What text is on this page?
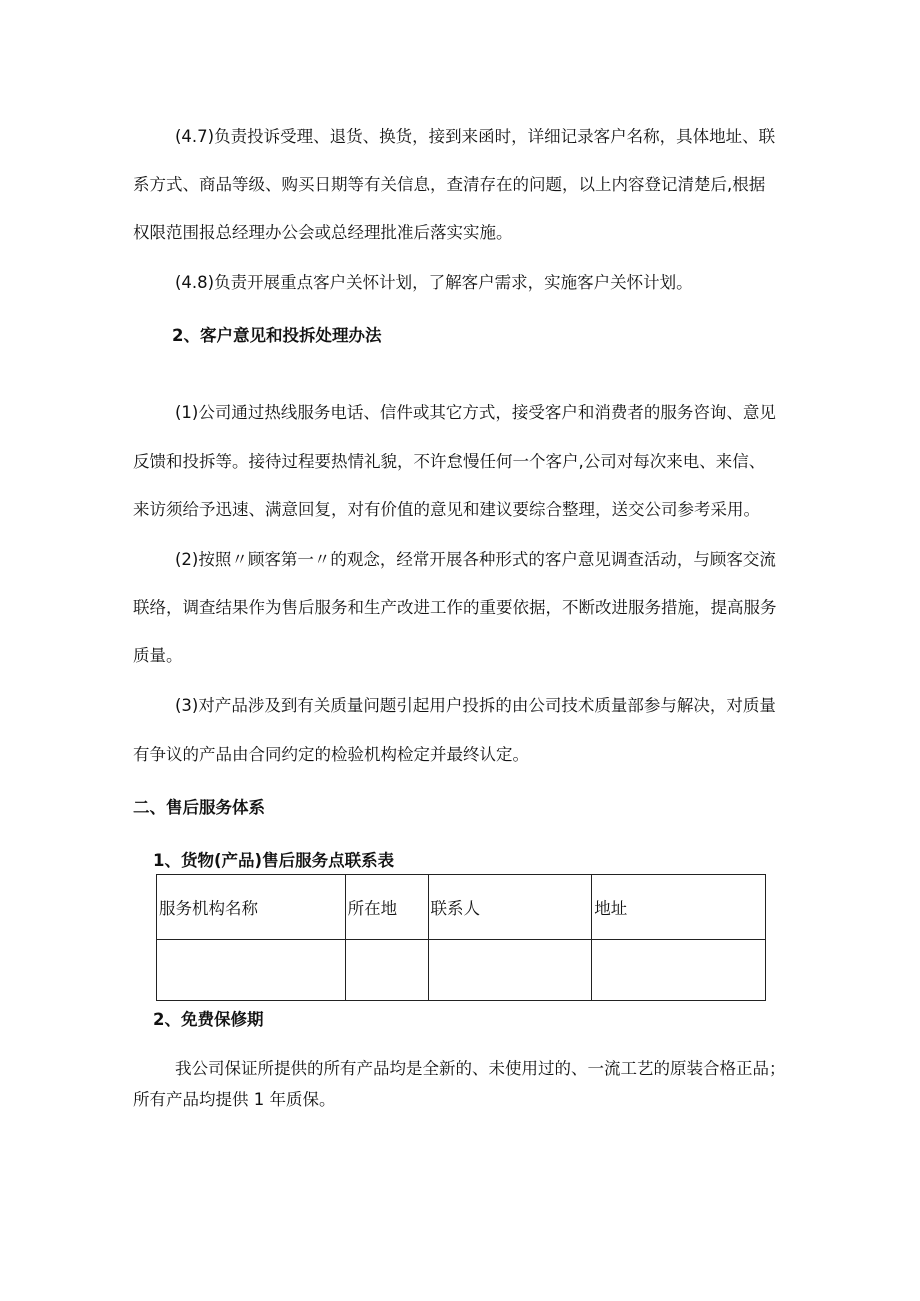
(4.7)负责投诉受理、退货、换货，接到来函时，详细记录客户名称，具体地址、联
系方式、商品等级、购买日期等有关信息，查清存在的问题，以上内容登记清楚后,根据
权限范围报总经理办公会或总经理批准后落实实施。
(4.8)负责开展重点客户关怀计划，了解客户需求，实施客户关怀计划。
2、客户意见和投拆处理办法
(1)公司通过热线服务电话、信件或其它方式，接受客户和消费者的服务咨询、意见
反馈和投拆等。接待过程要热情礼貌，不许怠慢任何一个客户,公司对每次来电、来信、
来访须给予迅速、满意回复，对有价值的意见和建议要综合整理，送交公司参考采用。
(2)按照〃顾客第一〃的观念，经常开展各种形式的客户意见调查活动，与顾客交流
联络，调查结果作为售后服务和生产改进工作的重要依据，不断改进服务措施，提高服务
质量。
(3)对产品涉及到有关质量问题引起用户投拆的由公司技术质量部参与解决，对质量
有争议的产品由合同约定的检验机构检定并最终认定。
二、售后服务体系
1、货物(产品)售后服务点联系表
服务机构名称	所在地	联系人	地址

2、免费保修期
我公司保证所提供的所有产品均是全新的、未使用过的、一流工艺的原装合格正品；
所有产品均提供 1 年质保。
